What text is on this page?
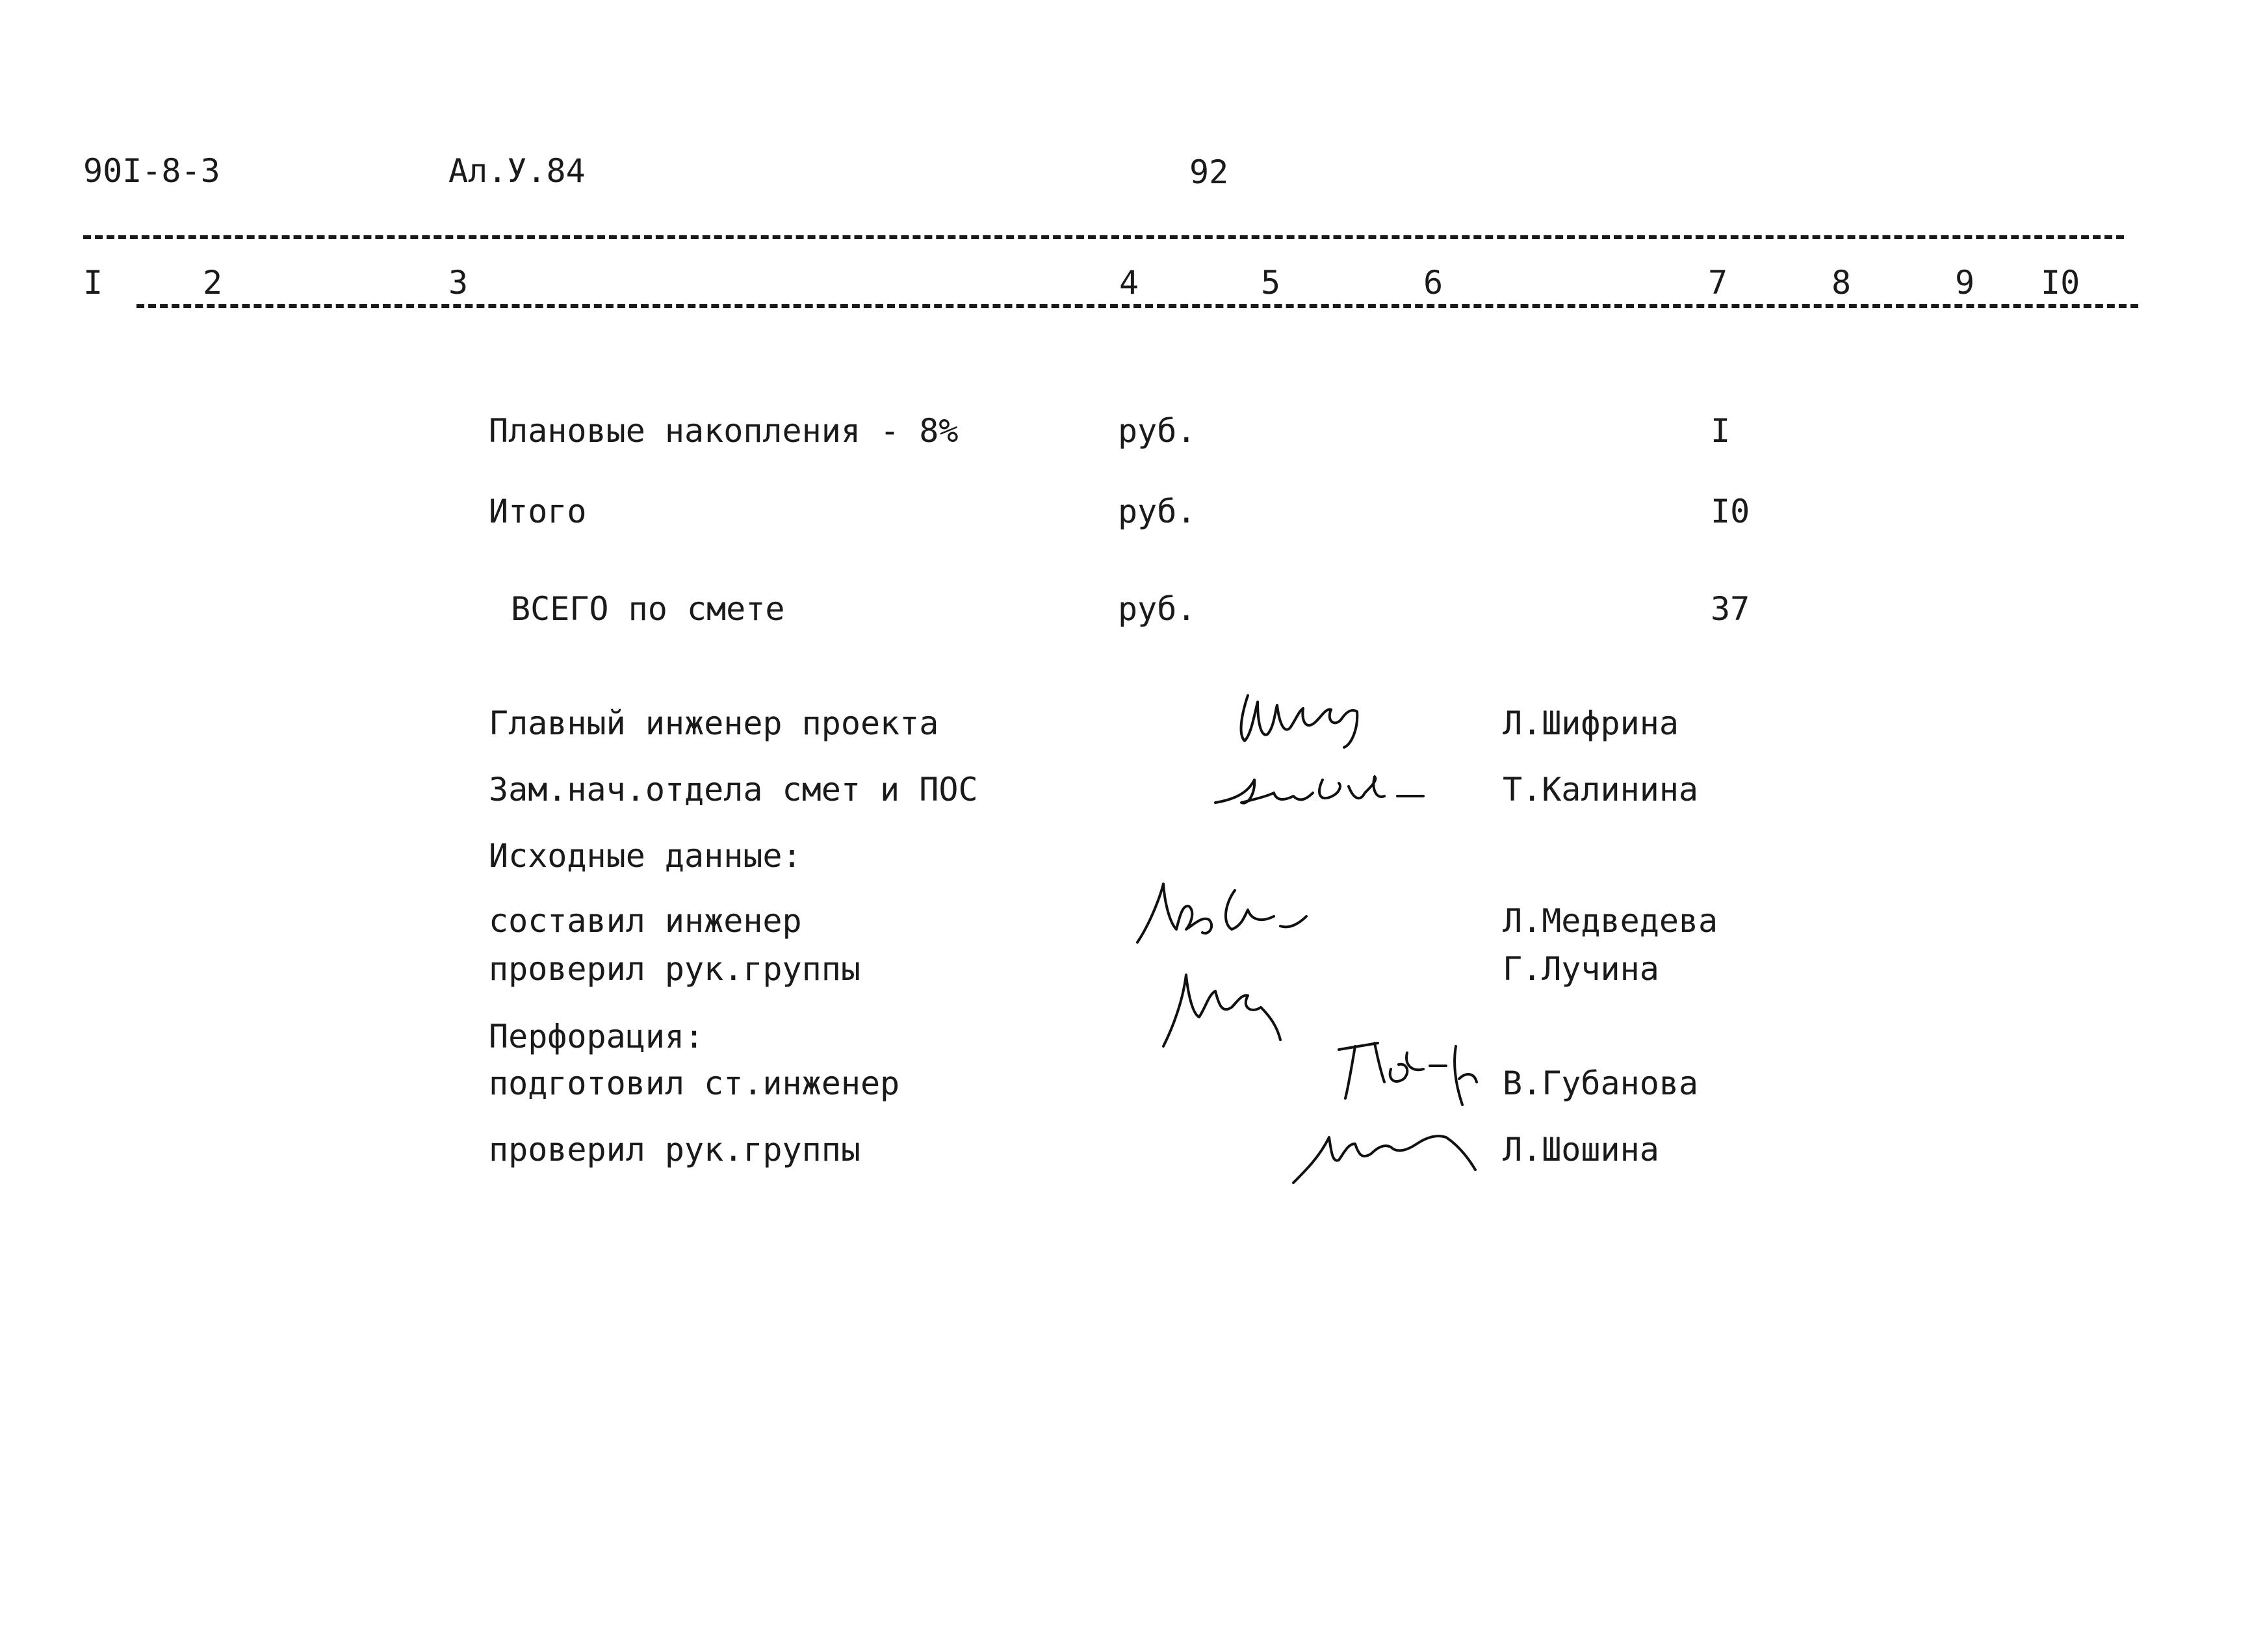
90I-8-3	Ал.У.84	92
I	2	3	4	5	6	7	8	9 I0
Плановые накопления - 8%	руб.	I
Итого	руб.	I0
ВСЕГО по смете	руб.	37
Главный инженер проекта	Л.Шифрина
Зам.нач.отдела смет и ПОС	Т.Калинина
Исходные данные:
составил инженер	Л.Медведева
проверил рук.группы	Г.Лучина
Перфорация:
подготовил ст.инженер	В.Губанова
проверил рук.группы	Л.Шошина
